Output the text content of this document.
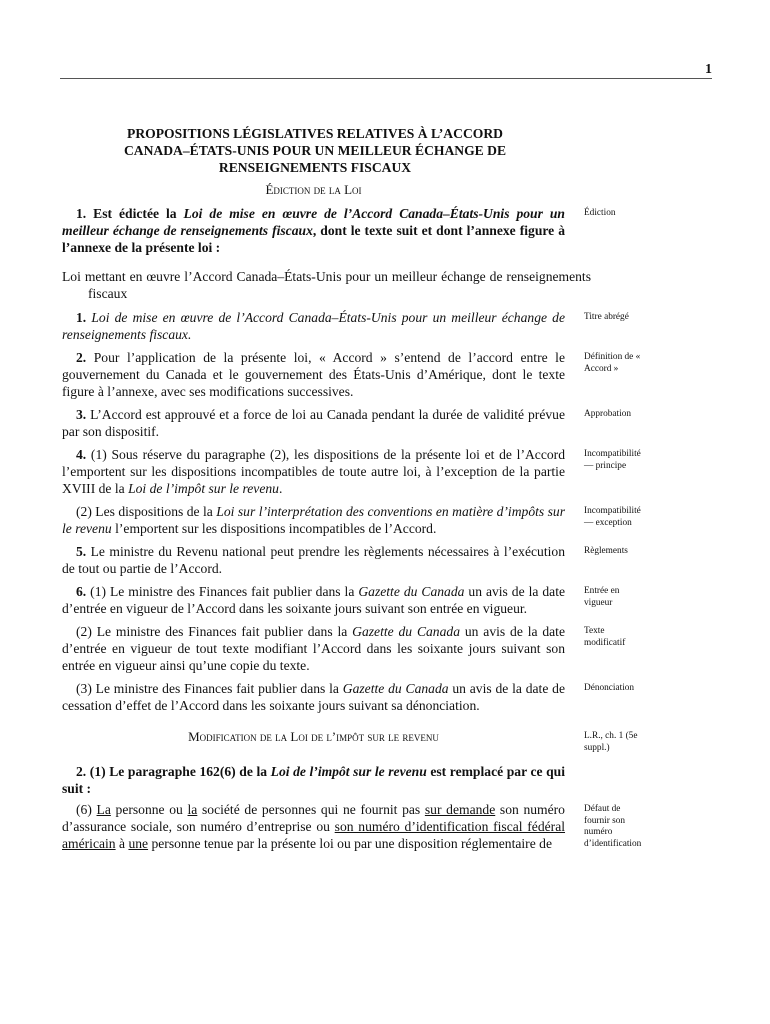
1
PROPOSITIONS LÉGISLATIVES RELATIVES À L’ACCORD CANADA–ÉTATS-UNIS POUR UN MEILLEUR ÉCHANGE DE RENSEIGNEMENTS FISCAUX
Édiction de la Loi

1. Est édictée la Loi de mise en œuvre de l’Accord Canada–États-Unis pour un meilleur échange de renseignements fiscaux, dont le texte suit et dont l’annexe figure à l’annexe de la présente loi :

Loi mettant en œuvre l’Accord Canada–États-Unis pour un meilleur échange de renseignements fiscaux

1. Loi de mise en œuvre de l’Accord Canada–États-Unis pour un meilleur échange de renseignements fiscaux.

2. Pour l’application de la présente loi, « Accord » s’entend de l’accord entre le gouvernement du Canada et le gouvernement des États-Unis d’Amérique, dont le texte figure à l’annexe, avec ses modifications successives.

3. L’Accord est approuvé et a force de loi au Canada pendant la durée de validité prévue par son dispositif.

4. (1) Sous réserve du paragraphe (2), les dispositions de la présente loi et de l’Accord l’emportent sur les dispositions incompatibles de toute autre loi, à l’exception de la partie XVIII de la Loi de l’impôt sur le revenu.

(2) Les dispositions de la Loi sur l’interprétation des conventions en matière d’impôts sur le revenu l’emportent sur les dispositions incompatibles de l’Accord.

5. Le ministre du Revenu national peut prendre les règlements nécessaires à l’exécution de tout ou partie de l’Accord.

6. (1) Le ministre des Finances fait publier dans la Gazette du Canada un avis de la date d’entrée en vigueur de l’Accord dans les soixante jours suivant son entrée en vigueur.

(2) Le ministre des Finances fait publier dans la Gazette du Canada un avis de la date d’entrée en vigueur de tout texte modifiant l’Accord dans les soixante jours suivant son entrée en vigueur ainsi qu’une copie du texte.

(3) Le ministre des Finances fait publier dans la Gazette du Canada un avis de la date de cessation d’effet de l’Accord dans les soixante jours suivant sa dénonciation.

Modification de la Loi de l’impôt sur le revenu

2. (1) Le paragraphe 162(6) de la Loi de l’impôt sur le revenu est remplacé par ce qui suit :

(6) La personne ou la société de personnes qui ne fournit pas sur demande son numéro d’assurance sociale, son numéro d’entreprise ou son numéro d’identification fiscal fédéral américain à une personne tenue par la présente loi ou par une disposition réglementaire de

Édiction
Titre abrégé
Définition de « Accord »
Approbation
Incompatibilité — principe
Incompatibilité— exception
Règlements
Entrée en vigueur
Texte modificatif
Dénonciation
L.R., ch. 1 (5e suppl.)
Défaut de fournir son numéro d’identification
